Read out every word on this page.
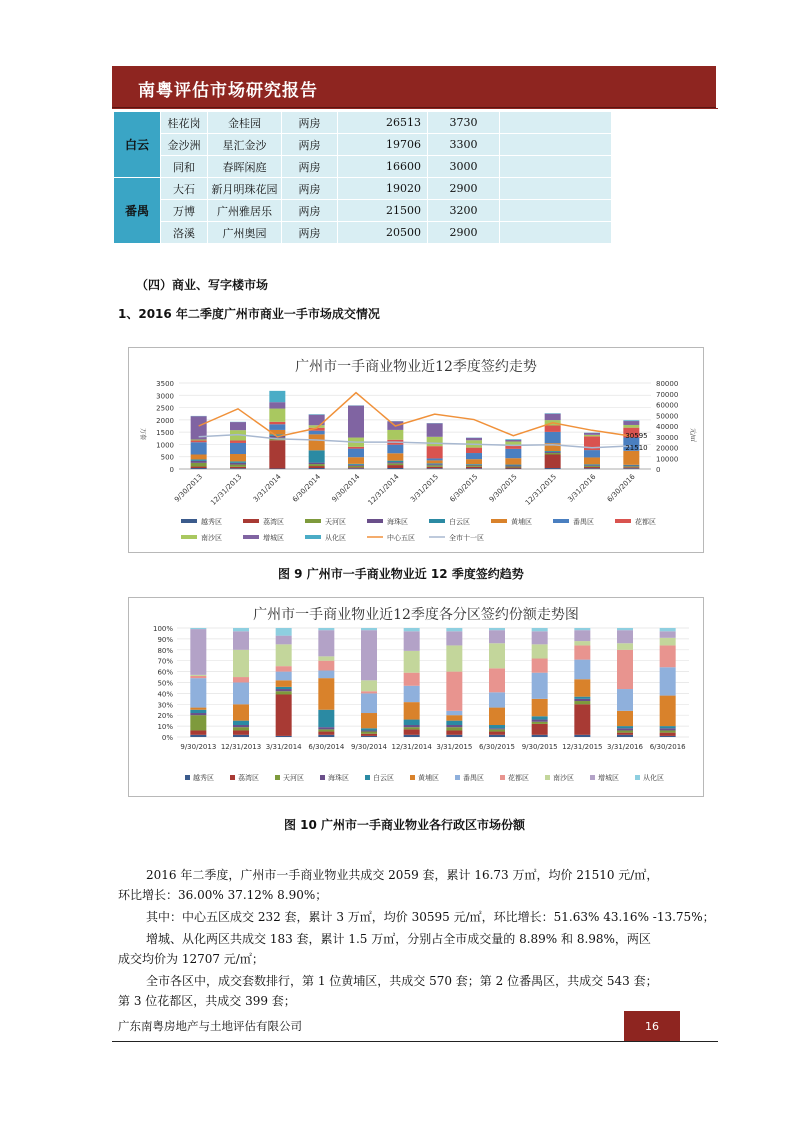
南粤评估市场研究报告
白云	桂花岗	金桂园	两房	26513	3730	
	金沙洲	星汇金沙	两房	19706	3300	
	同和	春晖闲庭	两房	16600	3000	
番禺	大石	新月明珠花园	两房	19020	2900	
	万博	广州雅居乐	两房	21500	3200	
	洛溪	广州奥园	两房	20500	2900	
（四）商业、写字楼市场
1、2016 年二季度广州市商业一手市场成交情况
广州市一手商业物业近12季度签约走势
0
500
1000
1500
2000
2500
3000
3500
0
10000
20000
30000
40000
50000
60000
70000
80000
万套	元/㎡
9/30/2013 12/31/2013 3/31/2014 6/30/2014 9/30/2014 12/31/2014 3/31/2015 6/30/2015 9/30/2015 12/31/2015 3/31/2016 6/30/2016
30595
21510
越秀区	荔湾区	天河区	海珠区	白云区	黄埔区	番禺区	花都区
南沙区	增城区	从化区	中心五区	全市十一区
图 9 广州市一手商业物业近 12 季度签约趋势
广州市一手商业物业近12季度各分区签约份额走势图
0%
10%
20%
30%
40%
50%
60%
70%
80%
90%
100%
9/30/2013 12/31/2013 3/31/2014 6/30/2014 9/30/2014 12/31/2014 3/31/2015 6/30/2015 9/30/2015 12/31/2015 3/31/2016 6/30/2016
越秀区	荔湾区	天河区	海珠区	白云区	黄埔区	番禺区	花都区	南沙区	增城区	从化区
图 10 广州市一手商业物业各行政区市场份额
2016 年二季度，广州市一手商业物业共成交 2059 套，累计 16.73 万㎡，均价 21510 元/㎡，
环比增长：36.00% 37.12% 8.90%；
其中：中心五区成交 232 套，累计 3 万㎡，均价 30595 元/㎡，环比增长：51.63% 43.16% -13.75%；
增城、从化两区共成交 183 套，累计 1.5 万㎡，分别占全市成交量的 8.89% 和 8.98%，两区
成交均价为 12707 元/㎡；
全市各区中，成交套数排行，第 1 位黄埔区，共成交 570 套；第 2 位番禺区，共成交 543 套；
第 3 位花都区，共成交 399 套；
广东南粤房地产与土地评估有限公司	16
